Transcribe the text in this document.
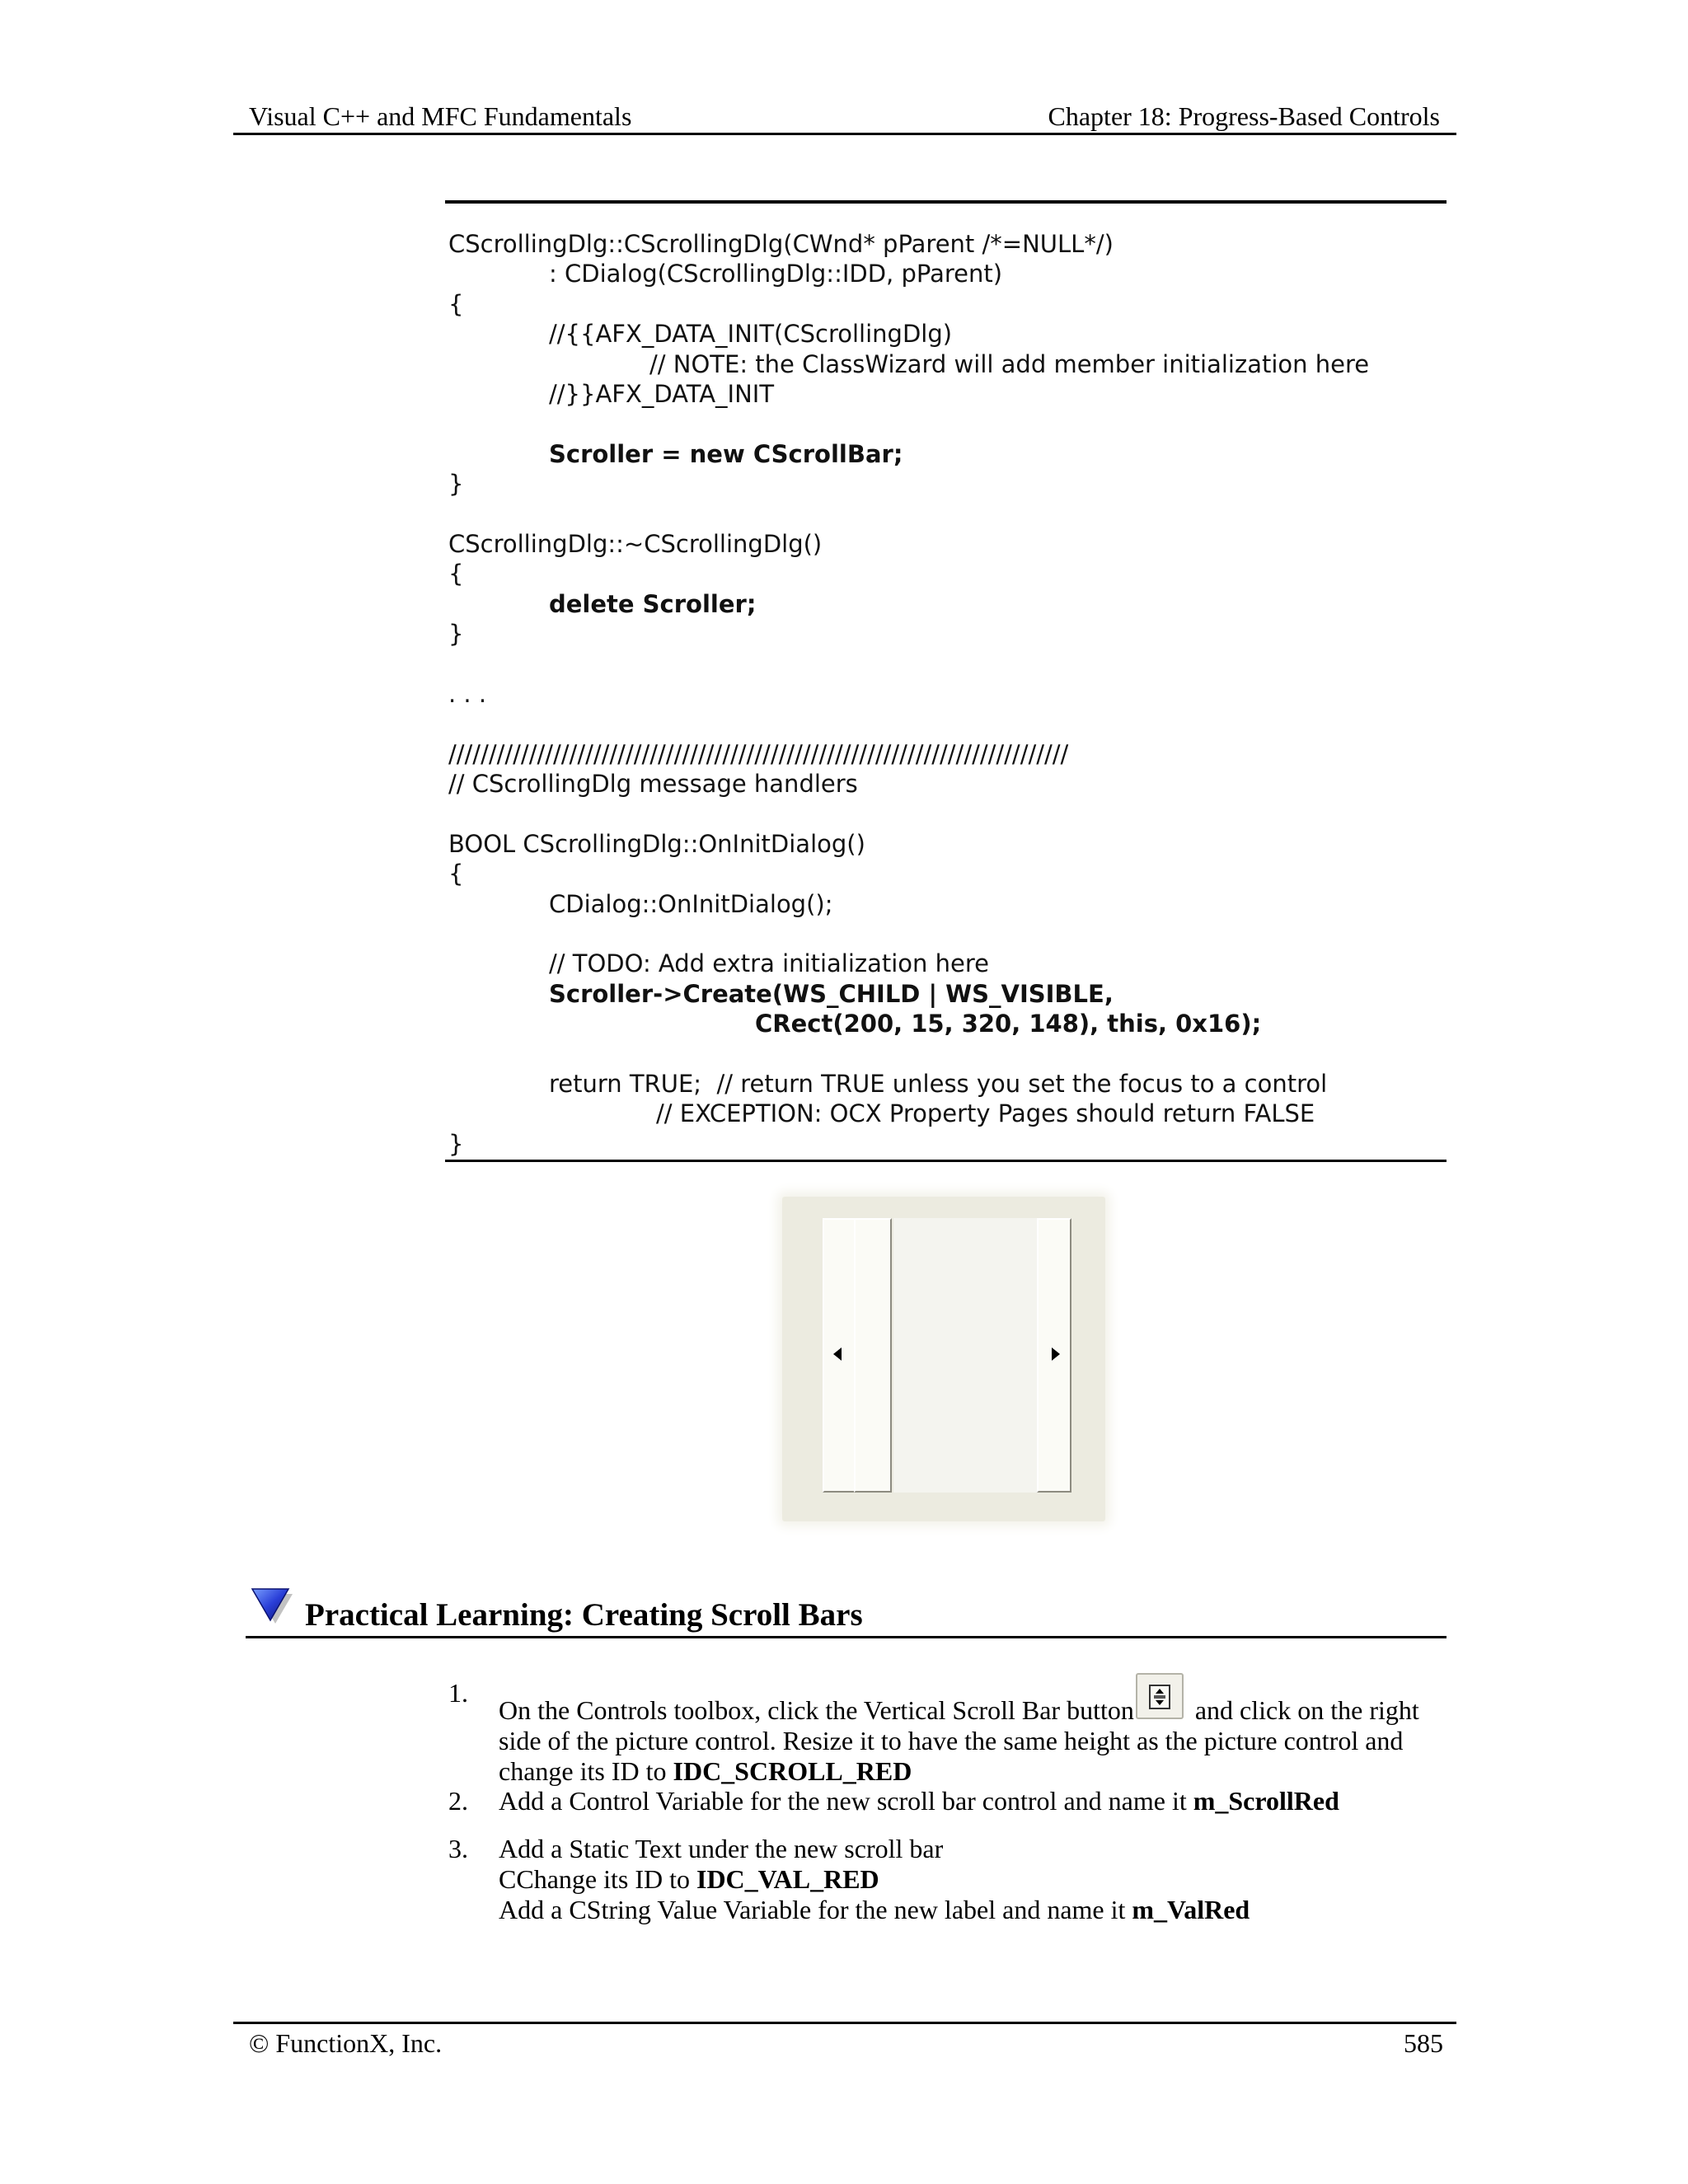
Visual C++ and MFC Fundamentals	Chapter 18: Progress-Based Controls
CScrollingDlg::CScrollingDlg(CWnd* pParent /*=NULL*/)
: CDialog(CScrollingDlg::IDD, pParent)
{
//{{AFX_DATA_INIT(CScrollingDlg)
// NOTE: the ClassWizard will add member initialization here
//}}AFX_DATA_INIT
Scroller = new CScrollBar;
}
CScrollingDlg::~CScrollingDlg()
{
delete Scroller;
}
. . .
/////////////////////////////////////////////////////////////////////////////
// CScrollingDlg message handlers
BOOL CScrollingDlg::OnInitDialog()
{
CDialog::OnInitDialog();
// TODO: Add extra initialization here
Scroller->Create(WS_CHILD | WS_VISIBLE,
CRect(200, 15, 320, 148), this, 0x16);
return TRUE;  // return TRUE unless you set the focus to a control
// EXCEPTION: OCX Property Pages should return FALSE
}
Practical Learning: Creating Scroll Bars
1.
On the Controls toolbox, click the Vertical Scroll Bar button
and click on the right side of the picture control. Resize it to have the same height as the picture control and change its ID to IDC_SCROLL_RED
2. Add a Control Variable for the new scroll bar control and name it m_ScrollRed
3. Add a Static Text under the new scroll bar
CChange its ID to IDC_VAL_RED
Add a CString Value Variable for the new label and name it m_ValRed
© FunctionX, Inc.	585
